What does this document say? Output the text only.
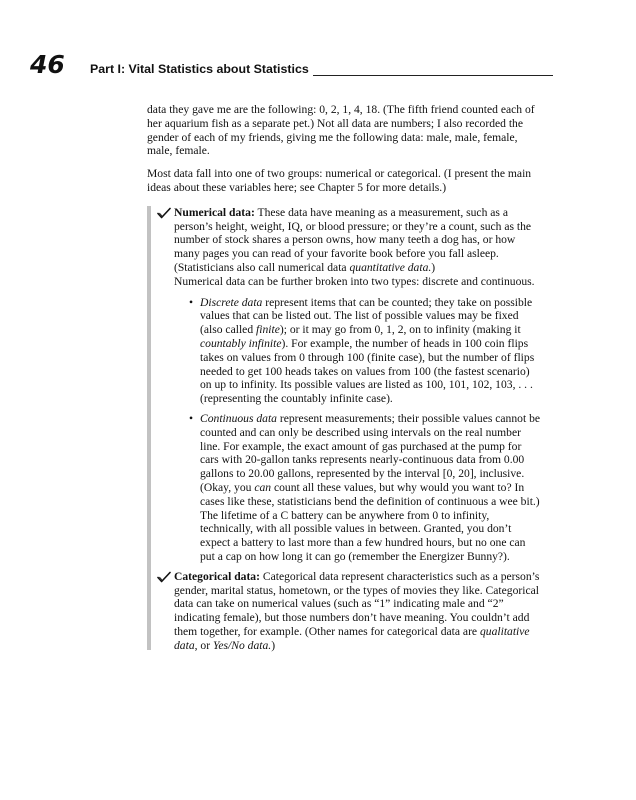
46 Part I: Vital Statistics about Statistics

data they gave me are the following: 0, 2, 1, 4, 18. (The fifth friend counted each of her aquarium fish as a separate pet.) Not all data are numbers; I also recorded the gender of each of my friends, giving me the following data: male, male, female, male, female.

Most data fall into one of two groups: numerical or categorical. (I present the main ideas about these variables here; see Chapter 5 for more details.)

Numerical data: These data have meaning as a measurement, such as a person’s height, weight, IQ, or blood pressure; or they’re a count, such as the number of stock shares a person owns, how many teeth a dog has, or how many pages you can read of your favorite book before you fall asleep. (Statisticians also call numerical data quantitative data.)

Numerical data can be further broken into two types: discrete and continuous.

• Discrete data represent items that can be counted; they take on possible values that can be listed out. The list of possible values may be fixed (also called finite); or it may go from 0, 1, 2, on to infinity (making it countably infinite). For example, the number of heads in 100 coin flips takes on values from 0 through 100 (finite case), but the number of flips needed to get 100 heads takes on values from 100 (the fastest scenario) on up to infinity. Its possible values are listed as 100, 101, 102, 103, . . . (representing the countably infinite case).

• Continuous data represent measurements; their possible values cannot be counted and can only be described using intervals on the real number line. For example, the exact amount of gas purchased at the pump for cars with 20-gallon tanks represents nearly-continuous data from 0.00 gallons to 20.00 gallons, represented by the interval [0, 20], inclusive. (Okay, you can count all these values, but why would you want to? In cases like these, statisticians bend the definition of continuous a wee bit.) The lifetime of a C battery can be anywhere from 0 to infinity, technically, with all possible values in between. Granted, you don’t expect a battery to last more than a few hundred hours, but no one can put a cap on how long it can go (remember the Energizer Bunny?).

Categorical data: Categorical data represent characteristics such as a person’s gender, marital status, hometown, or the types of movies they like. Categorical data can take on numerical values (such as “1” indicating male and “2” indicating female), but those numbers don’t have meaning. You couldn’t add them together, for example. (Other names for categorical data are qualitative data, or Yes/No data.)
